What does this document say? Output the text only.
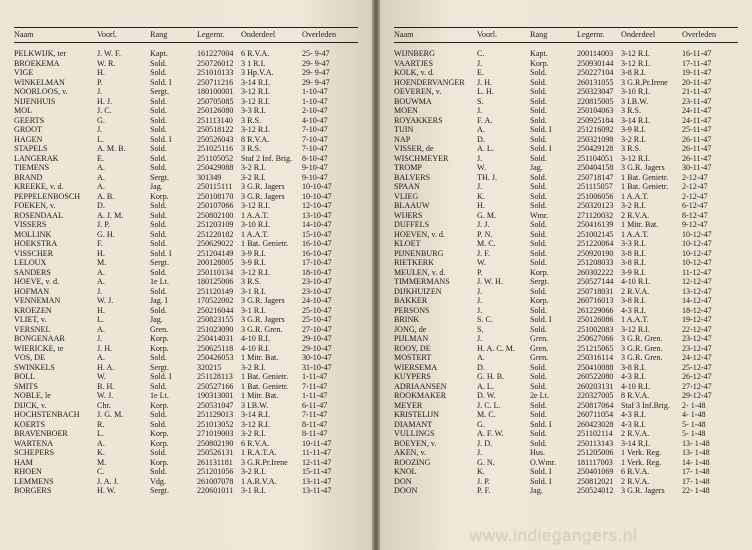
Naam	Voorl.	Rang	Legernr. Onderdeel	Overleden
PELKWIJK, ter	J. W. F.	Kapt.	161227004 6 R.V.A.	25- 9-47
BROEKEMA	W. R.	Sold.	250726012 3 1 R.I.	29- 9-47
VIGE	H.	Sold.	251010133 3 Hp.V.A.	29- 9-47
WINKELMAN	P.	Sold. I	250711216 3-14 R.I.	29- 9-47
NOORLOOS, v.	J.	Sergt.	180100001 3-12 R.I.	1-10-47
NIJENHUIS	H. J.	Sold.	250705085 3-12 R.I.	1-10-47
MOL	J. C.	Sold.	250126080 3-3 R.I.	2-10-47
GEERTS	G.	Sold.	251113140 3 R.S.	4-10-47
GROOT	J.	Sold.	250518122 3-12 R.I.	7-10-47
HAGEN	L.	Sold. I	250526043 8 R.V.A.	7-10-47
STAPELS	A. M. B.	Sold.	251025116 3 R.S.	7-10-47
LANGERAK	E.	Sold.	251105052 Staf 2 Inf. Brig. 8-10-47
TIEMENS	A.	Sold.	250429088 3-2 R.I.	9-10-47
BRAND	A.	Sergt.	301349 3-2 R.I.	9-10-47
KREEKE, v. d.	A.	Jag.	250115111 3 G.R. Jagers 10-10-47
PEPPELENBOSCH A. B.	Korp.	250108170 3 G.R. Jagers 10-10-47
FOEKEN, v.	D.	Sold.	250107066 3-12 R.I.	12-10-47
ROSENDAAL	A. J. M.	Sold.	250802100 1 A.A.T.	13-10-47
VISSERS	J. P.	Sold.	251203109 3-10 R.I.	14-10-47
MOLLINK	G. H.	Sold.	251220182 1 A.A.T.	15-10-47
HOEKSTRA	F.	Sold.	250629022 1 Bat. Genietr. 16-10-47
VISSCHER	H.	Sold. I	251204149 3-9 R.I.	16-10-47
LELOUX	M.	Sergt.	200128005 3-9 R.I.	17-10-47
SANDERS	A.	Sold.	250110134 3-12 R.I.	18-10-47
HOEVE, v. d.	A.	1e Lt.	180125006 3 R.S.	23-10-47
HOFMAN	J.	Sold.	251120149 3-1 R.I.	23-10-47
VENNEMAN	W. J.	Jag. I	170522002 3 G.R. Jagers 24-10-47
KROEZEN	H.	Sold.	250216044 3-1 R.I.	25-10-47
VLIET, v.	L.	Jag.	250823155 3 G.R. Jagers 25-10-47
VERSNEL	A.	Gren.	251023090 3 G.R. Gren. 27-10-47
BONGENAAR	J.	Korp.	250414031 4-10 R.I.	29-10-47
WIERICKE, te	J. H.	Korp.	250625118 4-10 R.I.	29-10-47
VOS, DE	A.	Sold.	250426053 1 Mitr. Bat.	30-10-47
SWINKELS	H. A.	Sergt.	320215 3-2 R.I.	31-10-47
BOLL	W.	Sold. I	251128113 1 Bat. Genietr. 1-11-47
SMITS	B. H.	Sold.	250527166 1 Bat. Genietr. 7-11-47
NOBLE, le	W. J.	1e Lt.	190313001 1 Mitr. Bat.	1-11-47
DIJCK, v.	Chr.	Korp.	250531047 3 I.B.W.	6-11-47
HOCHSTENBACH J. G. M.	Sold.	251129013 3-14 R.I.	7-11-47
KOERTS	R.	Sold.	251013052 3-12 R.I.	8-11-47
BRAVENBOER	L.	Korp.	271019003 3-2 R.I.	8-11-47
WARTENA	A.	Korp.	250802190 6 R.V.A.	10-11-47
SCHEPERS	K.	Sold.	250526131 1 R.A.T.A.	11-11-47
HAM	M.	Korp.	261131181 3 G.R.Pr.Irene 12-11-47
RHOEN	C.	Sold.	251201056 3-2 R.I.	15-11-47
LEMMENS	J. A. J.	Vdg.	261007078 1 A.R.V.A.	13-11-47
BORGERS	H. W.	Sergt.	220601011 3-1 R.I.	13-11-47
Naam	Voorl.	Rang	Legernr. Onderdeel	Overleden
WIJNBERG	C.	Kapt.	200114003 3-12 R.I.	16-11-47
VAARTJES	J.	Korp.	250930144 3-12 R.I.	17-11-47
KOLK, v. d.	E.	Sold.	250227104 3-8 R.I.	19-11-47
HOENDERVANGER J. H.	Sold.	260131055 3 G.R.Pr.Irene 20-11-47
OEVEREN, v.	L. H.	Sold.	250323047 3-10 R.I.	21-11-47
BOUWMA	S.	Sold.	220815005 3 I.B.W.	23-11-47
MOEN	J.	Sold.	250104063 3 R.S.	24-11-47
ROYAKKERS	F. A.	Sold.	250925184 3-14 R.I.	24-11-47
TUIN	A.	Sold. I	251216092 3-9 R.I.	25-11-47
NAP	D.	Sold.	250321098 3-2 R.I.	26-11-47
VISSER, de	A. L.	Sold. I	250429128 3 R.S.	26-11-47
WISCHMEYER	J.	Sold.	251104051 3-12 R.I.	26-11-47
TROMP	W.	Jag.	250404158 3 G.R. Jagers 30-11-47
BALVERS	TH. J.	Sold.	250718147 1 Bat. Genietr. 2-12-47
SPAAN	J.	Sold.	251115057 1 Bat. Genietr. 2-12-47
VLIEG	K.	Sold.	251006056 1 A.A.T.	2-12-47
BLAAUW	H.	Sold.	250320123 3-2 R.I.	6-12-47
WIJERS	G. M.	Wmr.	271120032 2 R.V.A.	8-12-47
DUFFELS	J. J.	Sold.	250416139 1 Mitr. Bat.	9-12-47
HOEVEN, v. d.	P. N.	Sold.	251002145 1 A.A.T.	10-12-47
KLOET	M. C.	Sold.	251220064 3-3 R.I.	10-12-47
PIJNENBURG	J. F.	Sold.	250920190 3-8 R.I.	10-12-47
RIETKERK	W.	Sold.	251208033 3-8 R.I.	10-12-47
MEULEN, v. d.	P.	Korp.	260302222 3-9 R.I.	11-12-47
TIMMERMANS	J. W. H.	Sergt.	250527144 4-10 R.I.	12-12-47
DIJKHUIZEN	J.	Sold.	250718031 2 R.V.A.	13-12-47
BAKKER	J.	Korp.	260716013 3-8 R.I.	14-12-47
PERSONS	J.	Sold.	261229066 4-3 R.I.	18-12-47
BRINK	S. C.	Sold. I	250126086 1 A.A.T.	19-12-47
JONG, de	S.	Sold.	251002083 3-12 R.I.	22-12-47
PIJLMAN	J.	Gren.	250627066 3 G.R. Gren. 23-12-47
ROOY, DE	H. A. C. M. Gren.	251215065 3 G.R. Gren. 23-12-47
MOSTERT	A.	Gren.	250316114 3 G.R. Gren. 24-12-47
WIERSEMA	D.	Sold.	250410088 3-8 R.I.	25-12-47
KUYPERS	G. H. B.	Sold.	260522080 4-3 R.I.	26-12-47
ADRIAANSEN	A. L.	Sold.	260203131 4-10 R.I.	27-12-47
ROOKMAKER	D. W.	2e Lt.	220327005 8 R.V.A.	29-12-47
MEYER	J. C. L.	Sold.	250817064 Staf 3 Inf.Brig. 2- 1-48
KRISTELIJN	M. C.	Sold.	260711054 4-3 R.I.	4- 1-48
DIAMANT	G.	Sold. I	260423028 4-3 R.I.	5- 1-48
VULLINGS	A. F. W.	Sold.	251102114 2 R.V.A.	5- 1-48
BOEYEN, v.	J. D.	Sold.	250113143 3-14 R.I.	13- 1-48
AKEN, v.	J.	Hus.	251205006 1 Verk. Reg.	13- 1-48
ROOZING	G. N.	O.Wmr.	181117003 1 Verk. Reg.	14- 1-48
KNOL	K.	Sold. I	250401069 6 R.V.A.	17- 1-48
DON	J. P.	Sold. I	250812021 2 R.V.A.	17- 1-48
DOON	P. F.	Jag.	250524012 3 G.R. Jagers 22- 1-48
www.indiegangers.nl
